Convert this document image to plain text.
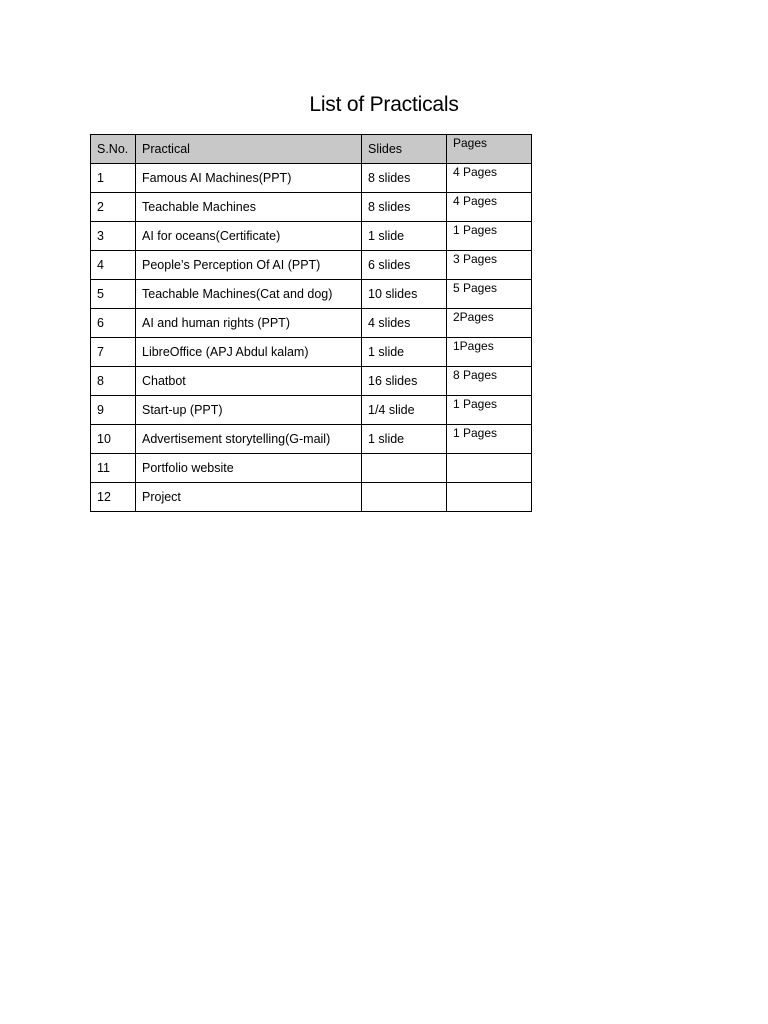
List of Practicals
S.No.	Practical	Slides	Pages
1	Famous AI Machines(PPT)	8 slides	4 Pages
2	Teachable Machines	8 slides	4 Pages
3	AI for oceans(Certificate)	1 slide	1 Pages
4	People’s Perception Of AI (PPT)	6 slides	3 Pages
5	Teachable Machines(Cat and dog)	10 slides	5 Pages
6	AI and human rights (PPT)	4 slides	2Pages
7	LibreOffice (APJ Abdul kalam)	1 slide	1Pages
8	Chatbot	16 slides	8 Pages
9	Start-up (PPT)	1/4 slide	1 Pages
10	Advertisement storytelling(G-mail)	1 slide	1 Pages
11	Portfolio website		
12	Project		
